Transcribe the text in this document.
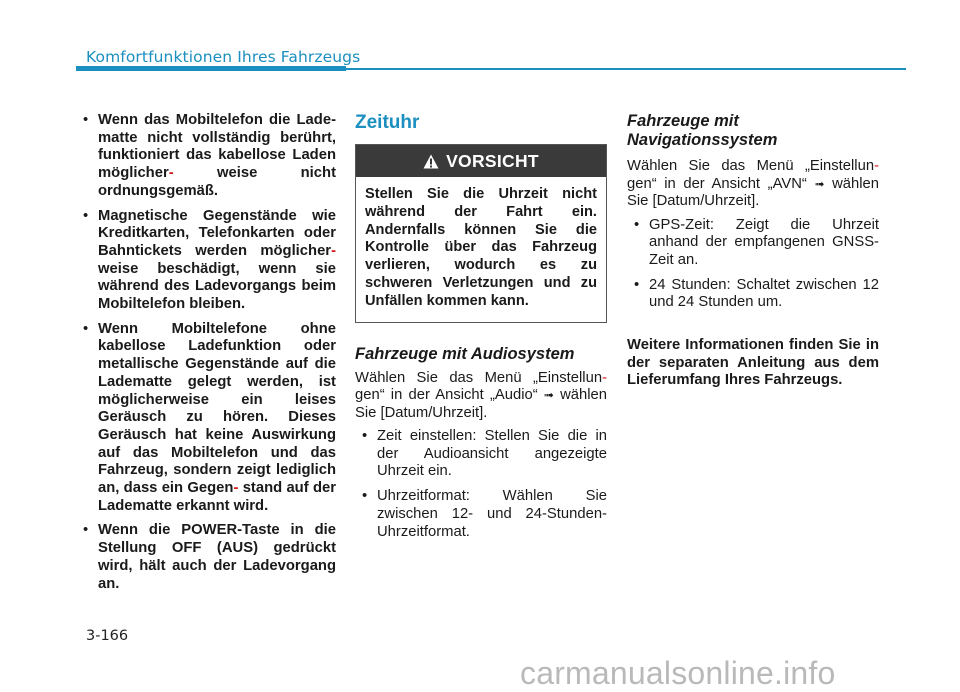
Komfortfunktionen Ihres Fahrzeugs
• Wenn das Mobiltelefon die Ladematte nicht vollständig berührt, funktioniert das kabellose Laden möglicher-	weise nicht ordnungsgemäß.
• Magnetische Gegenstände wie Kreditkarten, Telefonkarten oder Bahntickets werden möglicher- weise beschädigt, wenn sie während des Ladevorgangs beim Mobiltelefon bleiben.
• Wenn Mobiltelefone ohne kabellose Ladefunktion oder metallische Gegenstände auf die Ladematte gelegt werden, ist möglicherweise ein leises Geräusch zu hören. Dieses Geräusch hat keine Auswirkung auf das Mobiltelefon und das Fahrzeug, sondern zeigt lediglich an, dass ein Gegen- stand auf der Ladematte erkannt wird.
• Wenn die POWER-Taste in die Stellung OFF (AUS) gedrückt wird, hält auch der Ladevorgang an.
Zeituhr
VORSICHT
Stellen Sie die Uhrzeit nicht während der Fahrt ein. Andernfalls können Sie die Kontrolle über das Fahrzeug verlieren, wodurch es zu schweren Verletzungen und zu Unfällen kommen kann.
Fahrzeuge mit Audiosystem

Wählen Sie das Menü „Einstellun- gen“ in der Ansicht „Audio“ ➟ wählen Sie [Datum/Uhrzeit].

• Zeit einstellen: Stellen Sie die in der Audioansicht angezeigte Uhrzeit ein.
• Uhrzeitformat: Wählen Sie zwischen 12- und 24-Stunden-Uhrzeitformat.
Fahrzeuge mit Navigationssystem

Wählen Sie das Menü „Einstellun- gen“ in der Ansicht „AVN“ ➟ wählen Sie [Datum/Uhrzeit].

• GPS-Zeit: Zeigt die Uhrzeit anhand der empfangenen GNSS-Zeit an.
• 24 Stunden: Schaltet zwischen 12 und 24 Stunden um.
Weitere Informationen finden Sie in der separaten Anleitung aus dem Lieferumfang Ihres Fahrzeugs.
3-166
carmanualsonline.info
